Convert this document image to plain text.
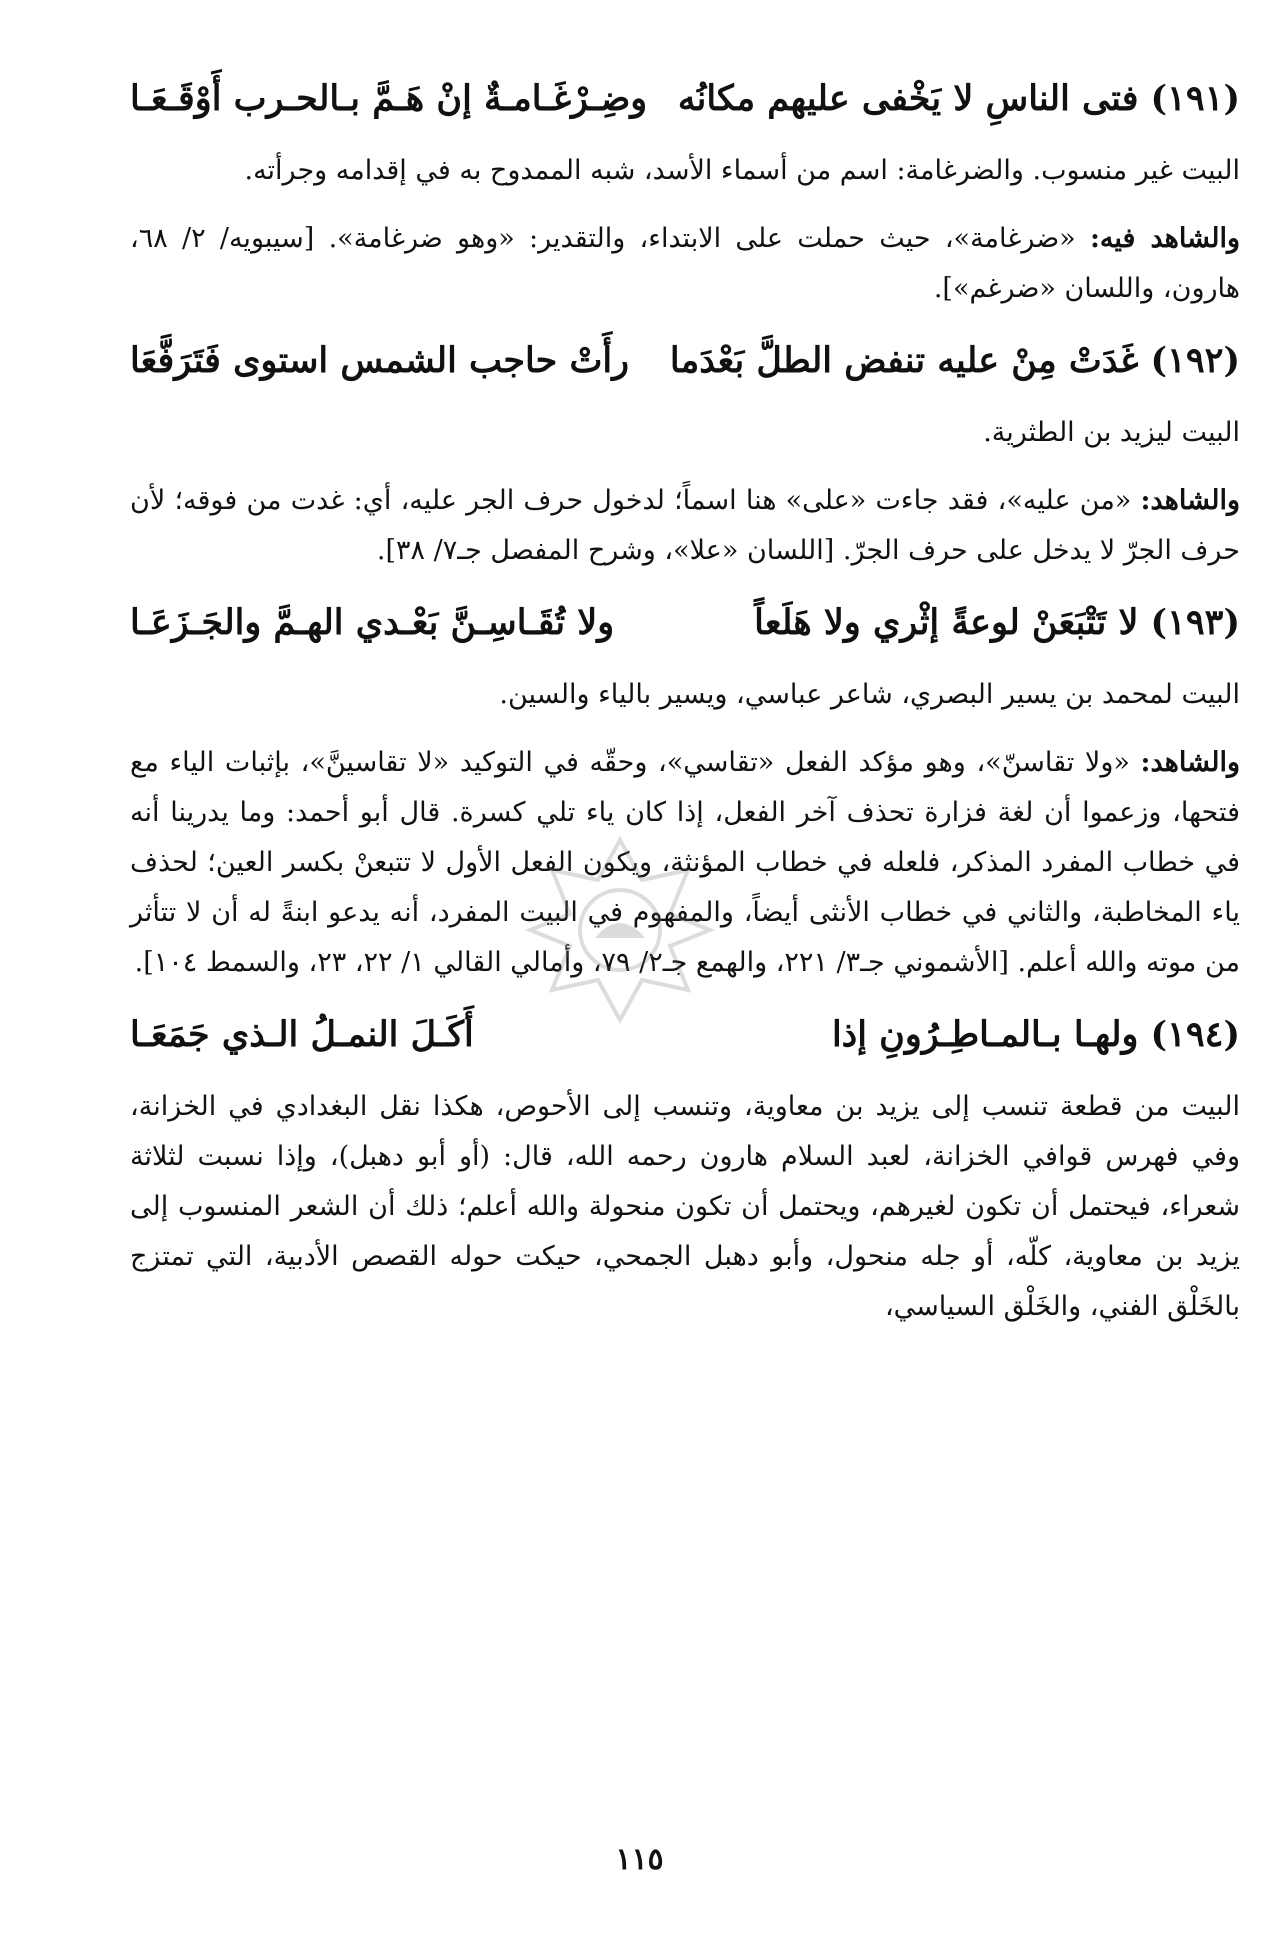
(١٩١)فتى الناسِ لا يَخْفى عليهم مكانُه
وضِـرْغَـامـةٌ إنْ هَـمَّ بـالحـرب أَوْقَـعَـا

البيت غير منسوب. والضرغامة: اسم من أسماء الأسد، شبه الممدوح به في إقدامه وجرأته.

والشاهد فيه: «ضرغامة»، حيث حملت على الابتداء، والتقدير: «وهو ضرغامة». [سيبويه/ ٢/ ٦٨، هارون، واللسان «ضرغم»].

(١٩٢)غَدَتْ مِنْ عليه تنفض الطلَّ بَعْدَما
رأَتْ حاجب الشمس استوى فَتَرَفَّعَا

البيت ليزيد بن الطثرية.

والشاهد: «من عليه»، فقد جاءت «على» هنا اسماً؛ لدخول حرف الجر عليه، أي: غدت من فوقه؛ لأن حرف الجرّ لا يدخل على حرف الجرّ. [اللسان «علا»، وشرح المفصل جـ٧/ ٣٨].

(١٩٣)لا تَتْبَعَنْ لوعةً إثْري ولا هَلَعاً
ولا تُقَـاسِـنَّ بَعْـدي الهـمَّ والجَـزَعَـا

البيت لمحمد بن يسير البصري، شاعر عباسي، ويسير بالياء والسين.

والشاهد: «ولا تقاسنّ»، وهو مؤكد الفعل «تقاسي»، وحقّه في التوكيد «لا تقاسينَّ»، بإثبات الياء مع فتحها، وزعموا أن لغة فزارة تحذف آخر الفعل، إذا كان ياء تلي كسرة. قال أبو أحمد: وما يدرينا أنه في خطاب المفرد المذكر، فلعله في خطاب المؤنثة، ويكون الفعل الأول لا تتبعنْ بكسر العين؛ لحذف ياء المخاطبة، والثاني في خطاب الأنثى أيضاً، والمفهوم في البيت المفرد، أنه يدعو ابنةً له أن لا تتأثر من موته والله أعلم. [الأشموني جـ٣/ ٢٢١، والهمع جـ٢/ ٧٩، وأمالي القالي ١/ ٢٢، ٢٣، والسمط ١٠٤].

(١٩٤)ولهـا بـالمـاطِـرُونِ إذا
أَكَـلَ النمـلُ الـذي جَمَعَـا

البيت من قطعة تنسب إلى يزيد بن معاوية، وتنسب إلى الأحوص، هكذا نقل البغدادي في الخزانة، وفي فهرس قوافي الخزانة، لعبد السلام هارون رحمه الله، قال: (أو أبو دهبل)، وإذا نسبت لثلاثة شعراء، فيحتمل أن تكون لغيرهم، ويحتمل أن تكون منحولة والله أعلم؛ ذلك أن الشعر المنسوب إلى يزيد بن معاوية، كلّه، أو جله منحول، وأبو دهبل الجمحي، حيكت حوله القصص الأدبية، التي تمتزج بالخَلْق الفني، والخَلْق السياسي،

١١٥
